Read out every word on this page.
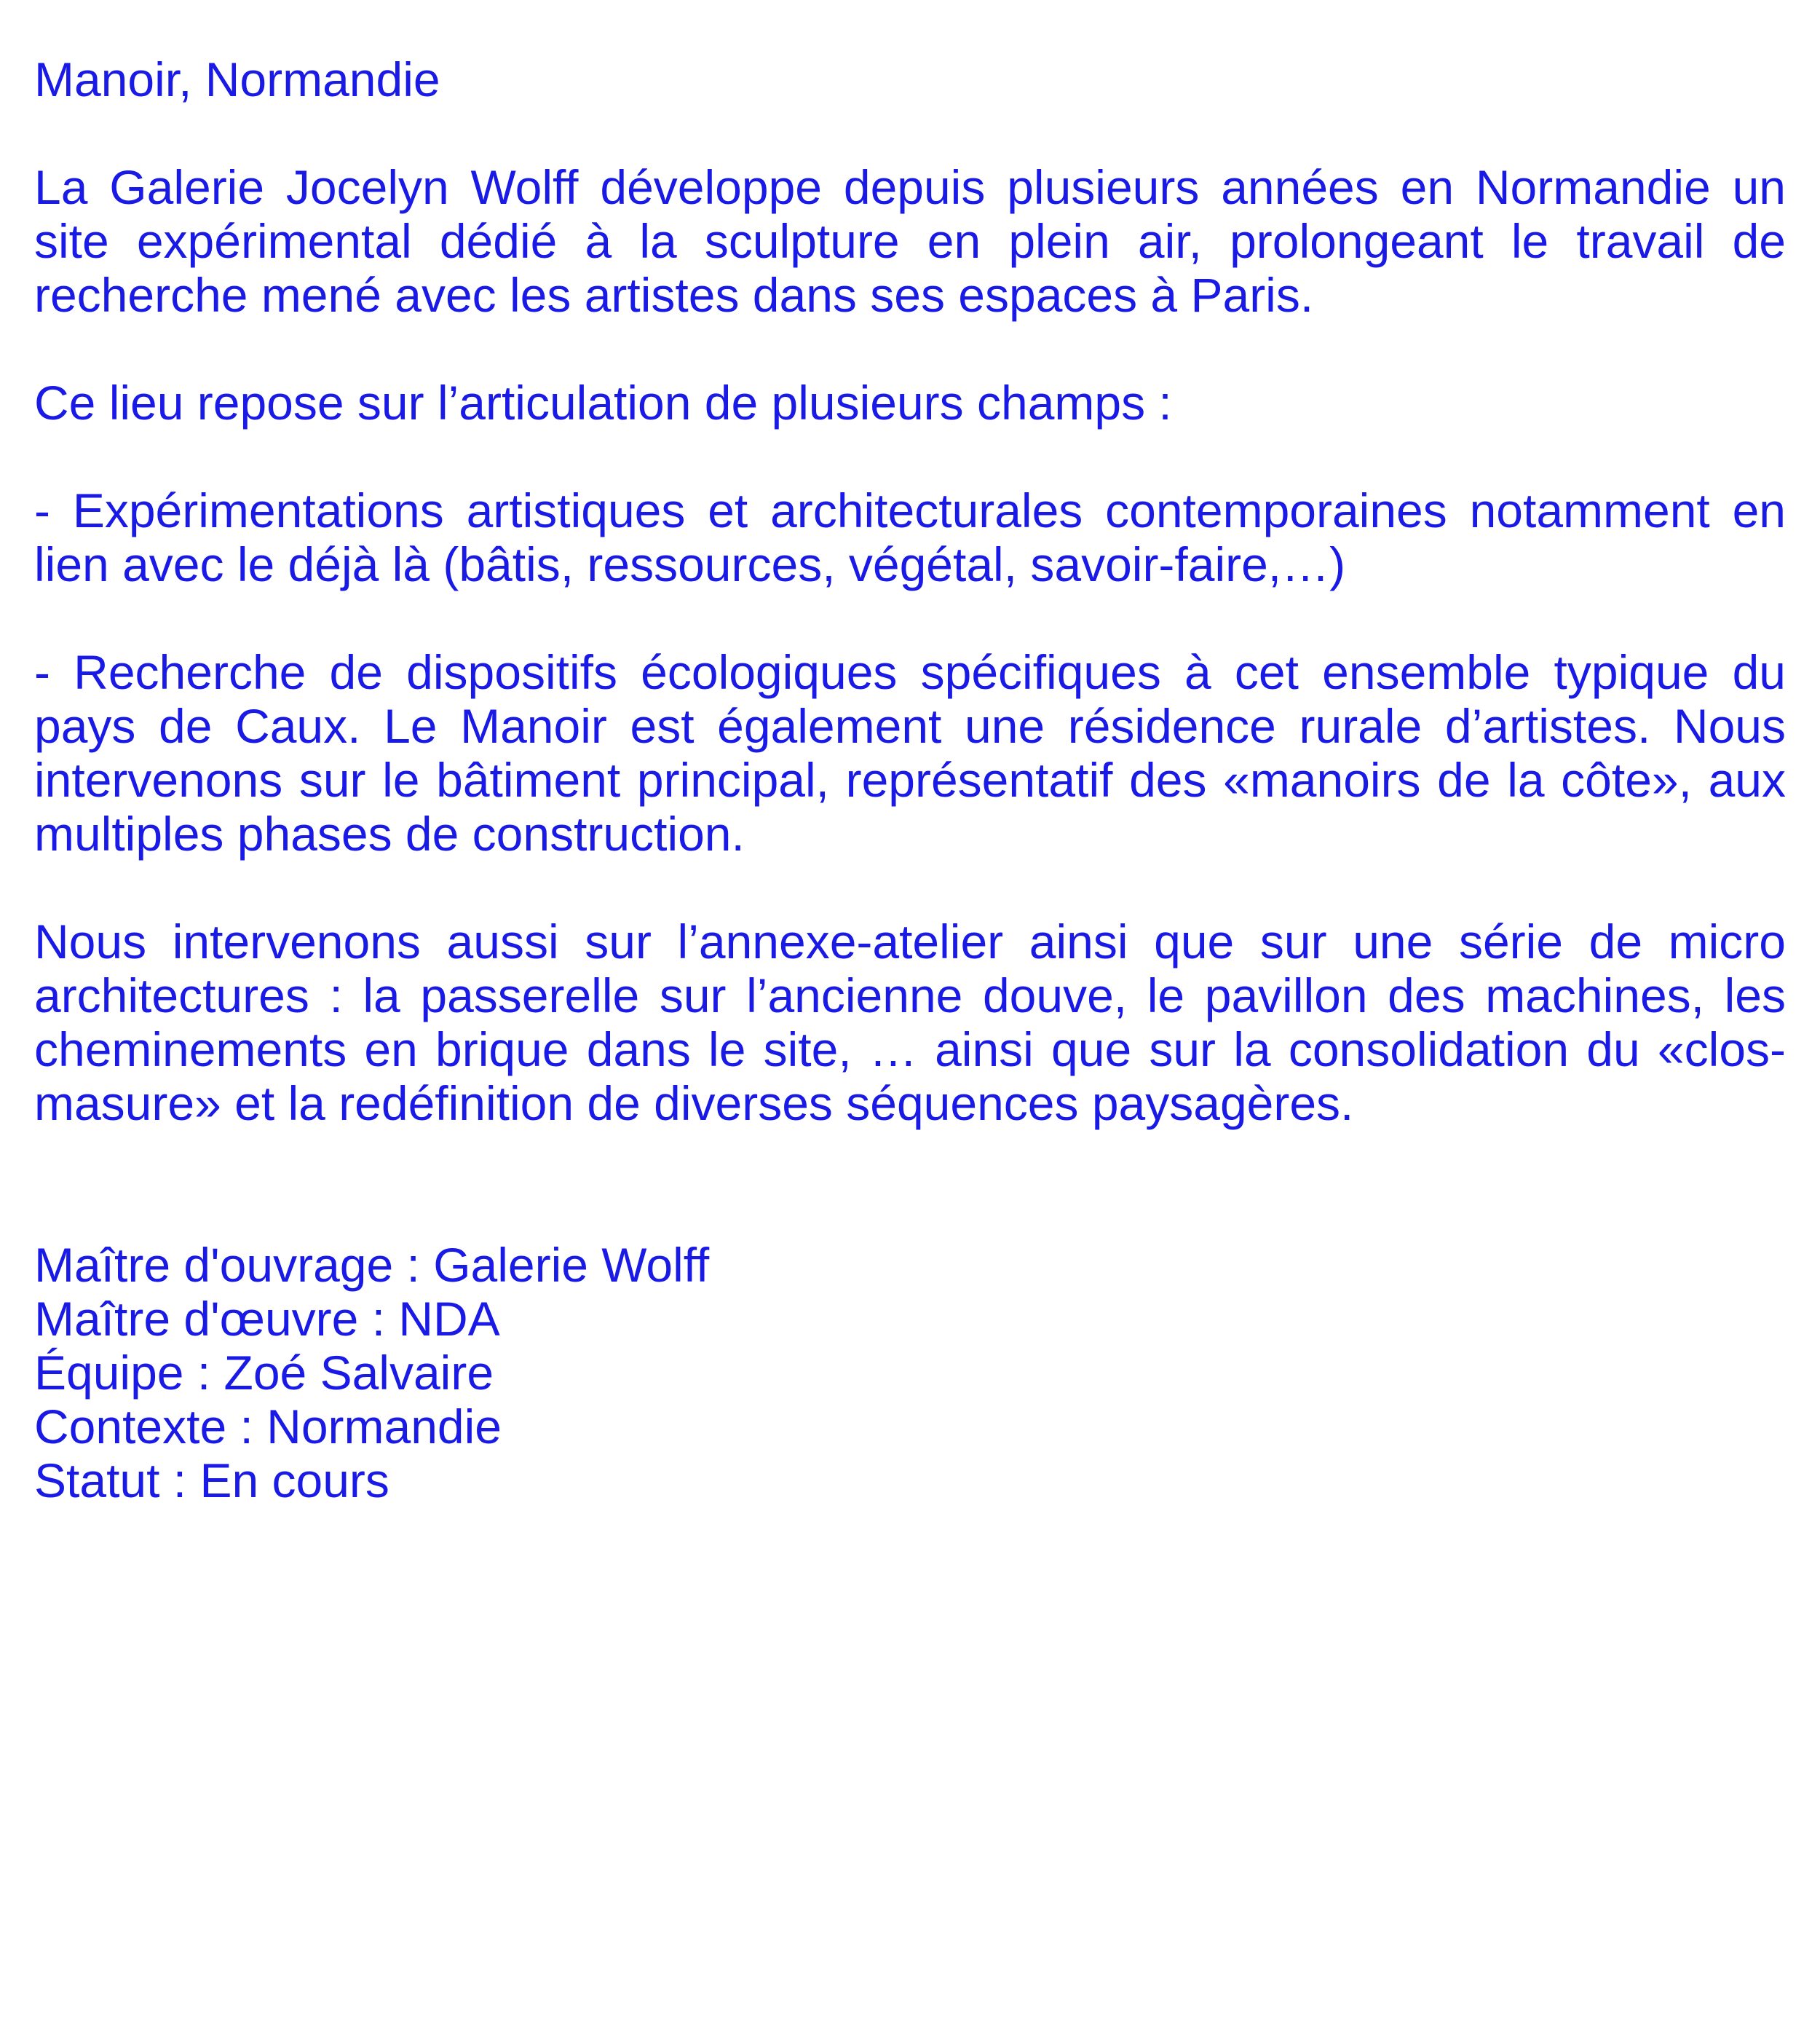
Manoir, Normandie

La Galerie Jocelyn Wolff développe depuis plusieurs années en Normandie un site expérimental dédié à la sculpture en plein air, prolongeant le travail de recherche mené avec les artistes dans ses espaces à Paris.

Ce lieu repose sur l’articulation de plusieurs champs :

- Expérimentations artistiques et architecturales contemporaines notamment en lien avec le déjà là (bâtis, ressources, végétal, savoir-faire,…)

- Recherche de dispositifs écologiques spécifiques à cet ensemble typique du pays de Caux. Le Manoir est également une résidence rurale d’artistes. Nous intervenons sur le bâtiment principal, représentatif des «manoirs de la côte», aux multiples phases de construction.

Nous intervenons aussi sur l’annexe-atelier ainsi que sur une série de micro architectures : la passerelle sur l’ancienne douve, le pavillon des machines, les cheminements en brique dans le site, … ainsi que sur la consolidation du «clos-masure» et la redéfinition de diverses séquences paysagères.

Maître d'ouvrage : Galerie Wolff
Maître d'œuvre : NDA
Équipe : Zoé Salvaire
Contexte : Normandie
Statut : En cours
